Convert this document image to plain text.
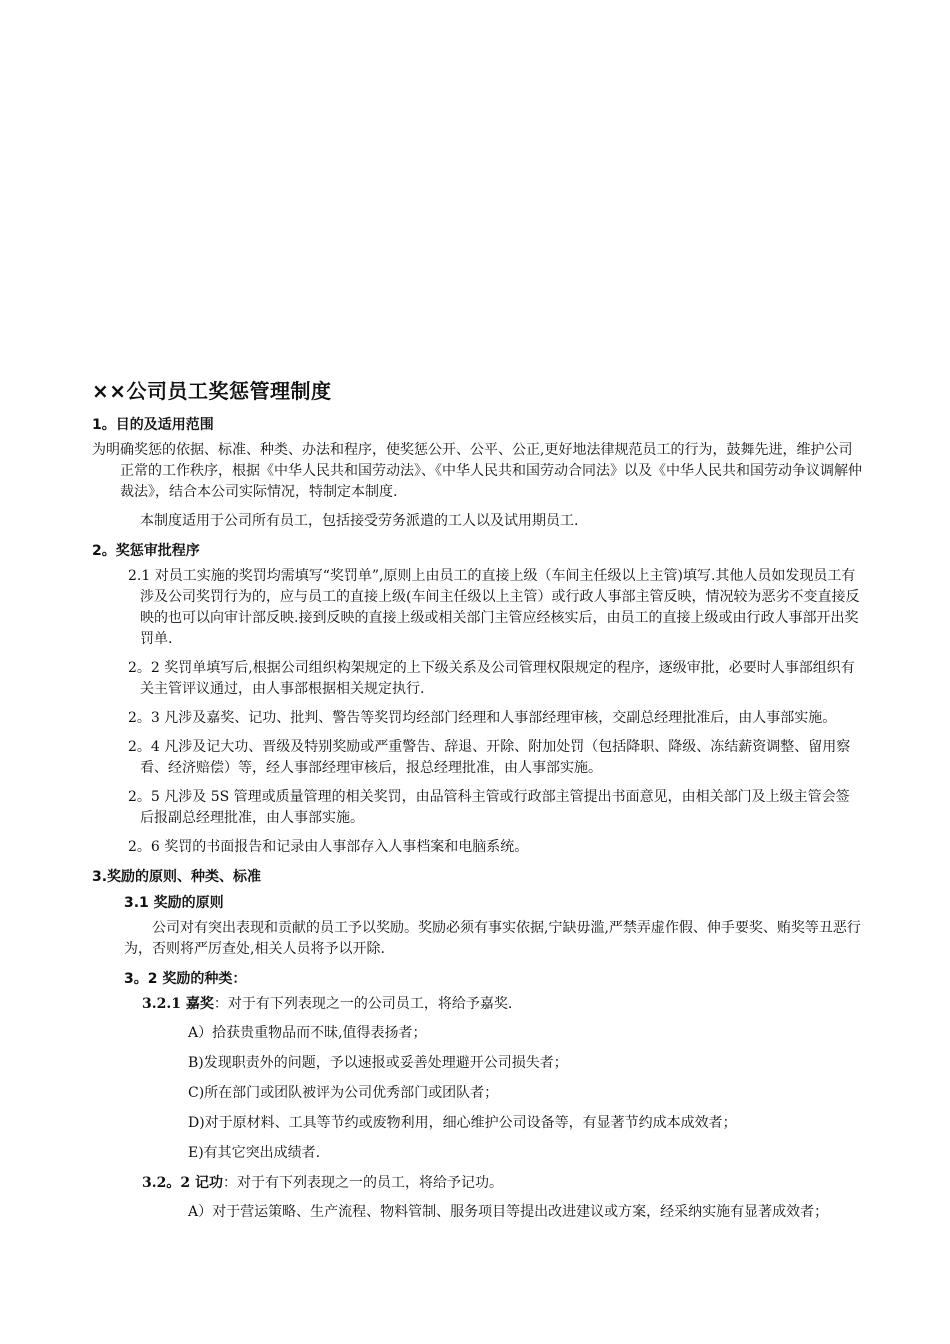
××公司员工奖惩管理制度
1。目的及适用范围
为明确奖惩的依据、标准、种类、办法和程序，使奖惩公开、公平、公正,更好地法律规范员工的行为，鼓舞先进，维护公司正常的工作秩序，根据《中华人民共和国劳动法》、《中华人民共和国劳动合同法》以及《中华人民共和国劳动争议调解仲裁法》，结合本公司实际情况，特制定本制度.
本制度适用于公司所有员工，包括接受劳务派遣的工人以及试用期员工.
2。奖惩审批程序
2.1 对员工实施的奖罚均需填写“奖罚单”,原则上由员工的直接上级（车间主任级以上主管)填写.其他人员如发现员工有涉及公司奖罚行为的，应与员工的直接上级(车间主任级以上主管）或行政人事部主管反映，情况较为恶劣不变直接反映的也可以向审计部反映.接到反映的直接上级或相关部门主管应经核实后，由员工的直接上级或由行政人事部开出奖罚单.
2。2 奖罚单填写后,根据公司组织构架规定的上下级关系及公司管理权限规定的程序，逐级审批，必要时人事部组织有关主管评议通过，由人事部根据相关规定执行.
2。3 凡涉及嘉奖、记功、批判、警告等奖罚均经部门经理和人事部经理审核，交副总经理批准后，由人事部实施。
2。4 凡涉及记大功、晋级及特别奖励或严重警告、辞退、开除、附加处罚（包括降职、降级、冻结薪资调整、留用察看、经济赔偿）等，经人事部经理审核后，报总经理批准，由人事部实施。
2。5 凡涉及 5S 管理或质量管理的相关奖罚，由品管科主管或行政部主管提出书面意见，由相关部门及上级主管会签后报副总经理批准，由人事部实施。
2。6 奖罚的书面报告和记录由人事部存入人事档案和电脑系统。
3.奖励的原则、种类、标准
3.1 奖励的原则
公司对有突出表现和贡献的员工予以奖励。奖励必须有事实依据,宁缺毋滥,严禁弄虚作假、伸手要奖、贿奖等丑恶行为，否则将严厉查处,相关人员将予以开除.
3。2 奖励的种类：
3.2.1 嘉奖：对于有下列表现之一的公司员工，将给予嘉奖.
A）拾获贵重物品而不昧,值得表扬者；
B)发现职责外的问题，予以速报或妥善处理避开公司损失者；
C)所在部门或团队被评为公司优秀部门或团队者；
D)对于原材料、工具等节约或废物利用，细心维护公司设备等，有显著节约成本成效者；
E)有其它突出成绩者.
3.2。2 记功：对于有下列表现之一的员工，将给予记功。
A）对于营运策略、生产流程、物料管制、服务项目等提出改进建议或方案，经采纳实施有显著成效者；
